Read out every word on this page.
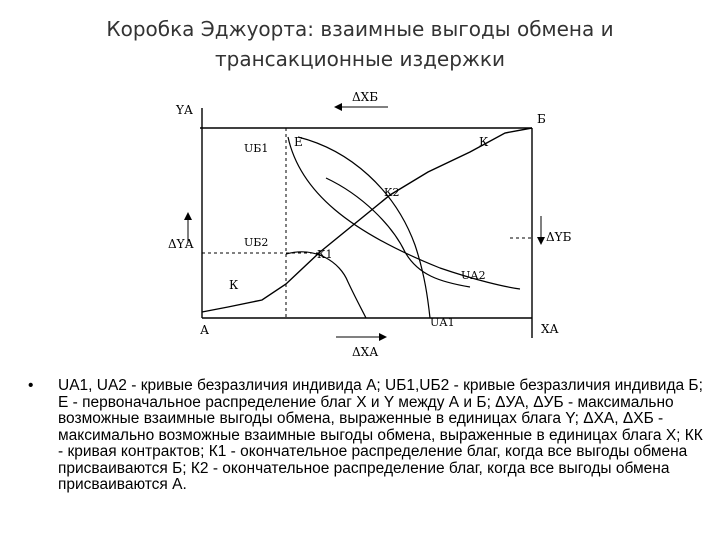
Коробка Эджуорта: взаимные выгоды обмена и
трансакционные издержки
YА
ΔXБ
Б
UБ1 E	К
К2
ΔYА	UБ2
К1
ΔYБ
К
UА2
А
UА1	XА
ΔXА
• UA1, UA2 - кривые безразличия индивида А; UБ1,UБ2 - кривые безразличия индивида Б; Е - первоначальное распределение благ X и Y между А и Б; ΔУА, ΔУБ - максимально возможные взаимные выгоды обмена, выраженные в единицах блага Y; ΔХА, ΔХБ - максимально возможные взаимные выгоды обмена, выраженные в единицах блага X; КК - кривая контрактов; К1 - окончательное распределение благ, когда все выгоды обмена присваиваются Б; К2 - окончательное распределение благ, когда все выгоды обмена присваиваются А.
